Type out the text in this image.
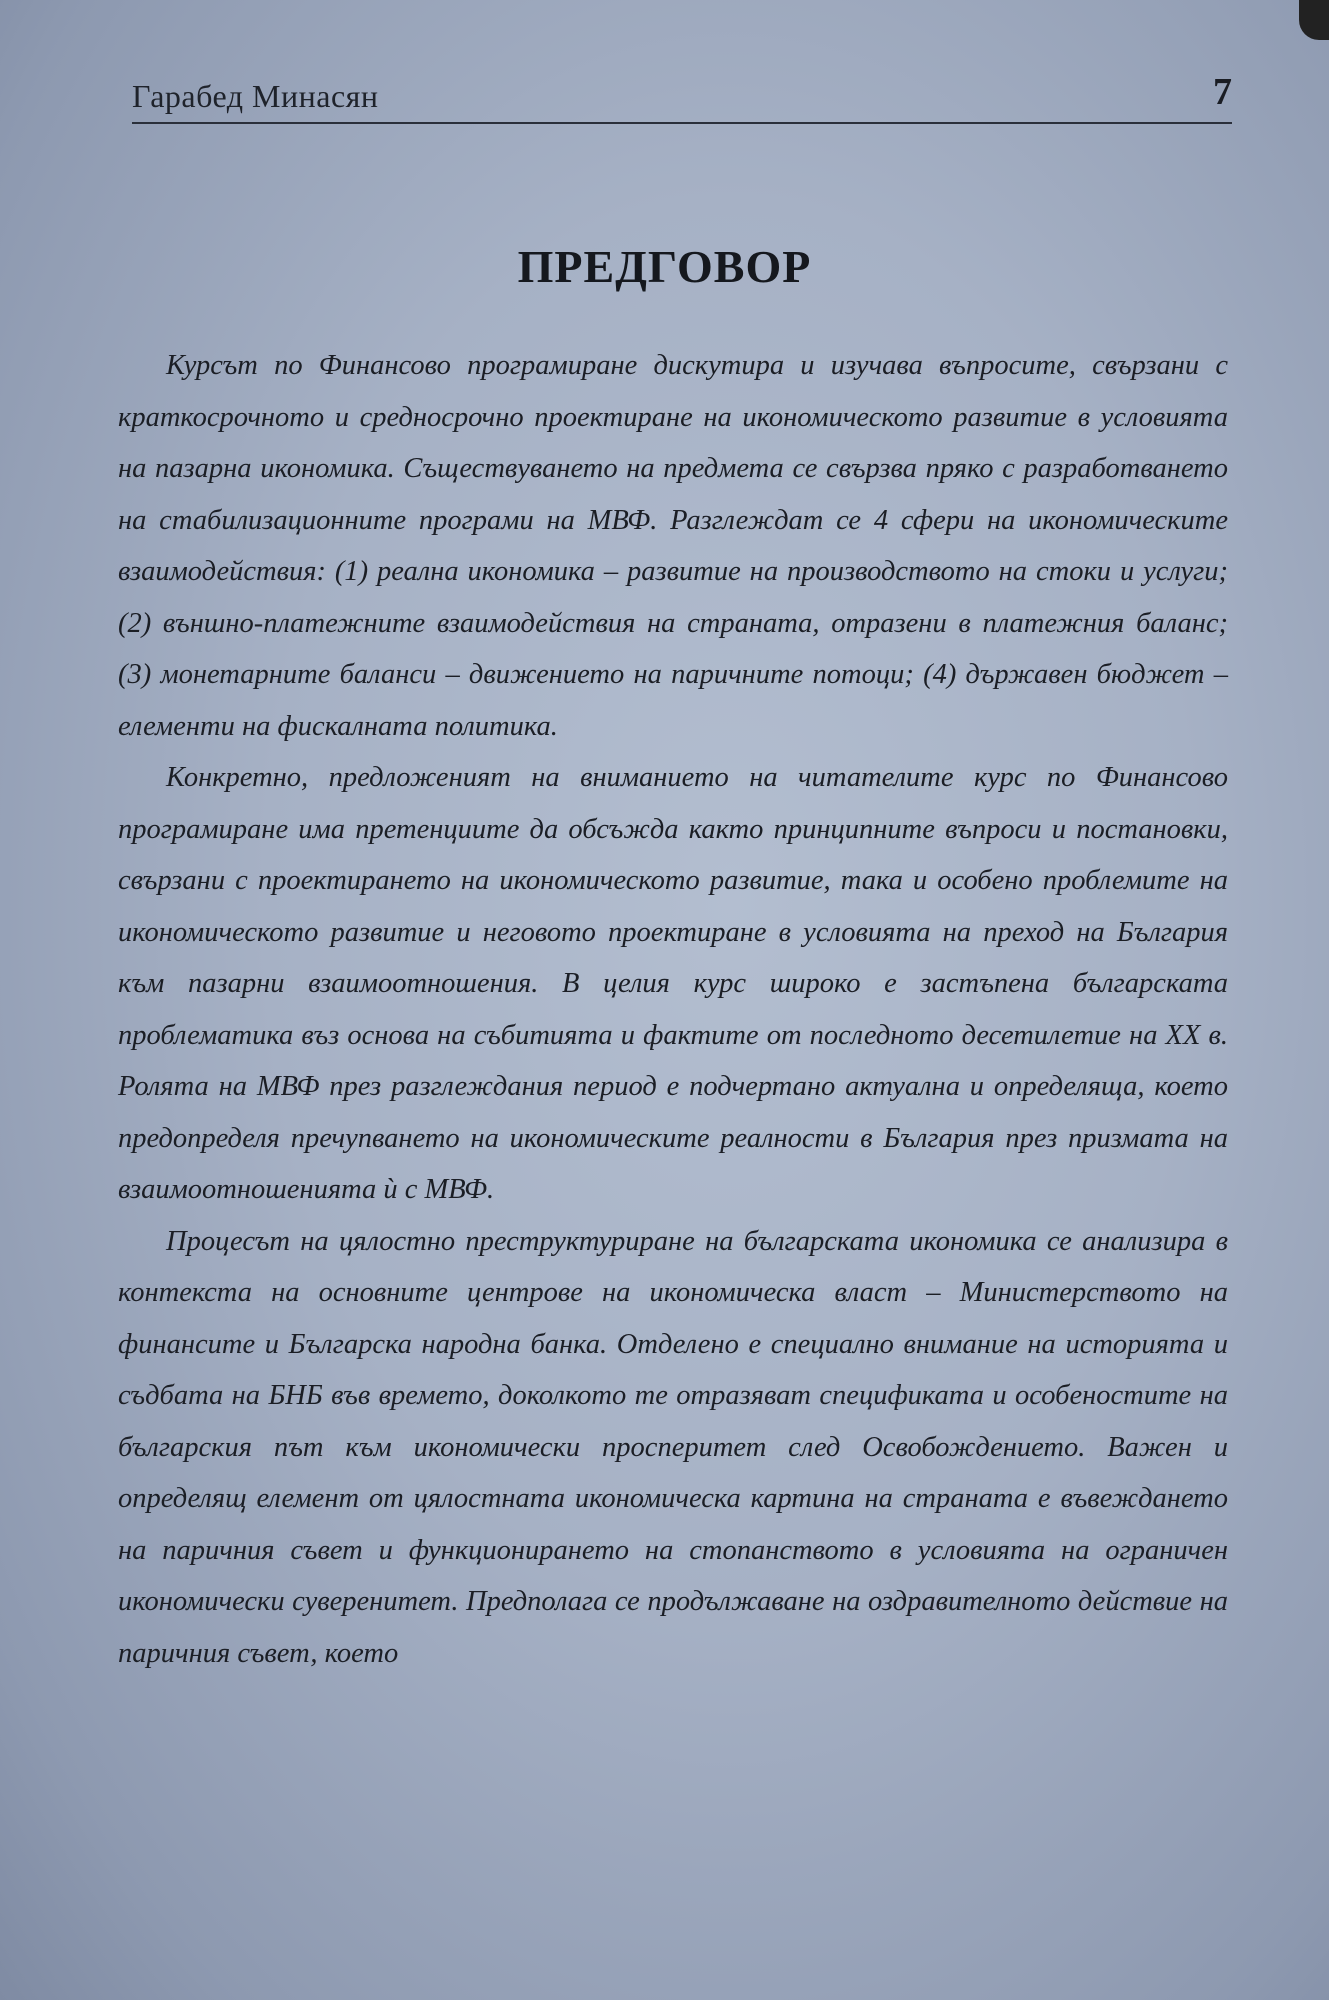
Гарабед Минасян	7
ПРЕДГОВОР

Курсът по Финансово програмиране дискутира и изучава въпросите, свързани с краткосрочното и средносрочно проектиране на икономическото развитие в условията на пазарна икономика. Съществуването на предмета се свързва пряко с разработването на стабилизационните програми на МВФ. Разглеждат се 4 сфери на икономическите взаимодействия: (1) реална икономика – развитие на производството на стоки и услуги; (2) външно-платежните взаимодействия на страната, отразени в платежния баланс; (3) монетарните баланси – движението на паричните потоци; (4) държавен бюджет – елементи на фискалната политика.

Конкретно, предложеният на вниманието на читателите курс по Финансово програмиране има претенциите да обсъжда както принципните въпроси и постановки, свързани с проектирането на икономическото развитие, така и особено проблемите на икономическото развитие и неговото проектиране в условията на преход на България към пазарни взаимоотношения. В целия курс широко е застъпена българската проблематика въз основа на събитията и фактите от последното десетилетие на XX в. Ролята на МВФ през разглеждания период е подчертано актуална и определяща, което предопределя пречупването на икономическите реалности в България през призмата на взаимоотношенията ѝ с МВФ.

Процесът на цялостно преструктуриране на българската икономика се анализира в контекста на основните центрове на икономическа власт – Министерството на финансите и Българска народна банка. Отделено е специално внимание на историята и съдбата на БНБ във времето, доколкото те отразяват спецификата и особеностите на българския път към икономически просперитет след Освобождението. Важен и определящ елемент от цялостната икономическа картина на страната е въвеждането на паричния съвет и функционирането на стопанството в условията на ограничен икономически суверенитет. Предполага се продължаване на оздравителното действие на паричния съвет, което
